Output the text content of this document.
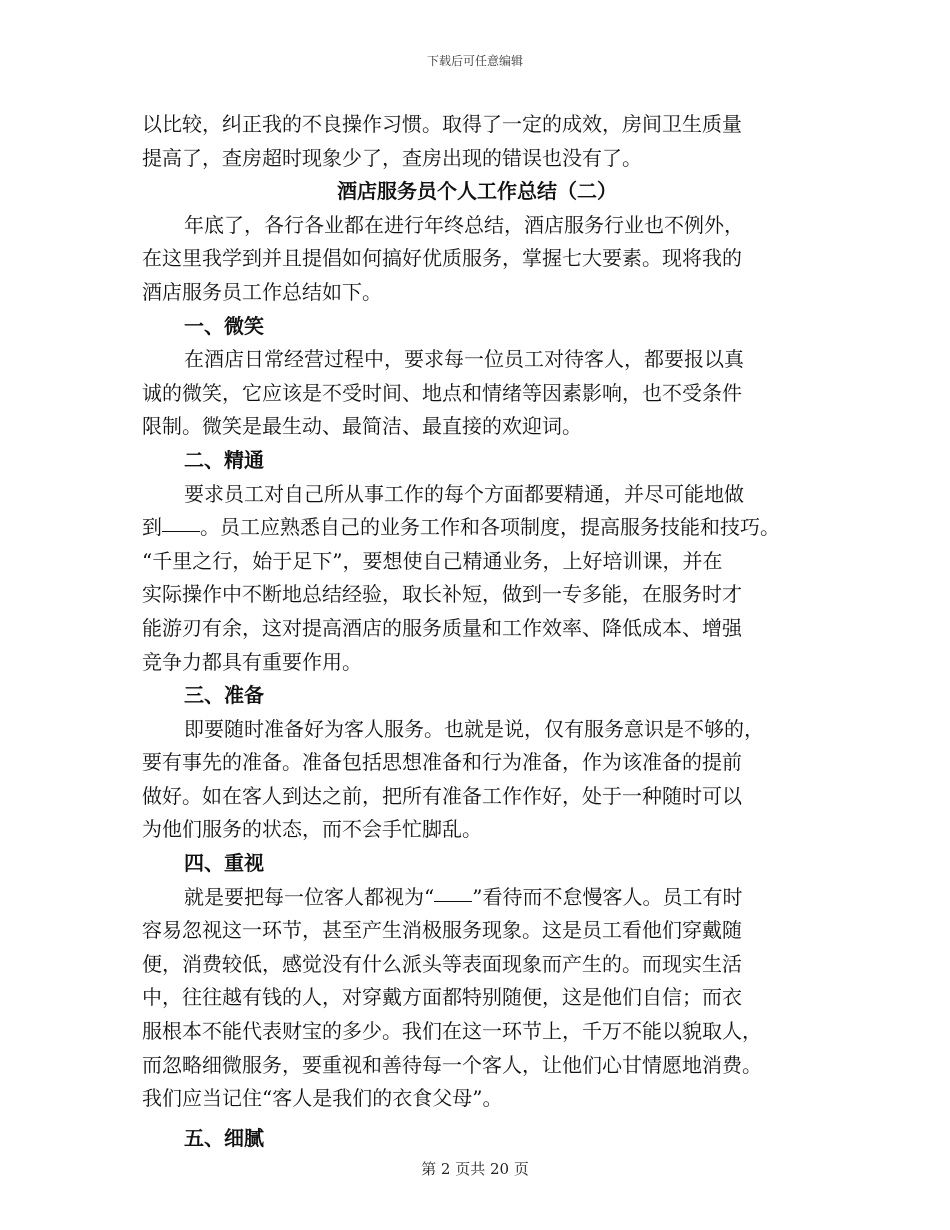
下载后可任意编辑

以比较，纠正我的不良操作习惯。取得了一定的成效，房间卫生质量

提高了，查房超时现象少了，查房出现的错误也没有了。

酒店服务员个人工作总结（二）

年底了，各行各业都在进行年终总结，酒店服务行业也不例外，

在这里我学到并且提倡如何搞好优质服务，掌握七大要素。现将我的

酒店服务员工作总结如下。

一、微笑

在酒店日常经营过程中，要求每一位员工对待客人，都要报以真

诚的微笑，它应该是不受时间、地点和情绪等因素影响，也不受条件

限制。微笑是最生动、最简洁、最直接的欢迎词。

二、精通

要求员工对自己所从事工作的每个方面都要精通，并尽可能地做

到 。员工应熟悉自己的业务工作和各项制度，提高服务技能和技巧。

“千里之行，始于足下”，要想使自己精通业务，上好培训课，并在

实际操作中不断地总结经验，取长补短，做到一专多能，在服务时才

能游刃有余，这对提高酒店的服务质量和工作效率、降低成本、增强

竞争力都具有重要作用。

三、准备

即要随时准备好为客人服务。也就是说，仅有服务意识是不够的，

要有事先的准备。准备包括思想准备和行为准备，作为该准备的提前

做好。如在客人到达之前，把所有准备工作作好，处于一种随时可以

为他们服务的状态，而不会手忙脚乱。

四、重视

就是要把每一位客人都视为“ ”看待而不怠慢客人。员工有时

容易忽视这一环节，甚至产生消极服务现象。这是员工看他们穿戴随

便，消费较低，感觉没有什么派头等表面现象而产生的。而现实生活

中，往往越有钱的人，对穿戴方面都特别随便，这是他们自信；而衣

服根本不能代表财宝的多少。我们在这一环节上，千万不能以貌取人，

而忽略细微服务，要重视和善待每一个客人，让他们心甘情愿地消费。

我们应当记住“客人是我们的衣食父母”。

五、细腻

第 2 页共 20 页
